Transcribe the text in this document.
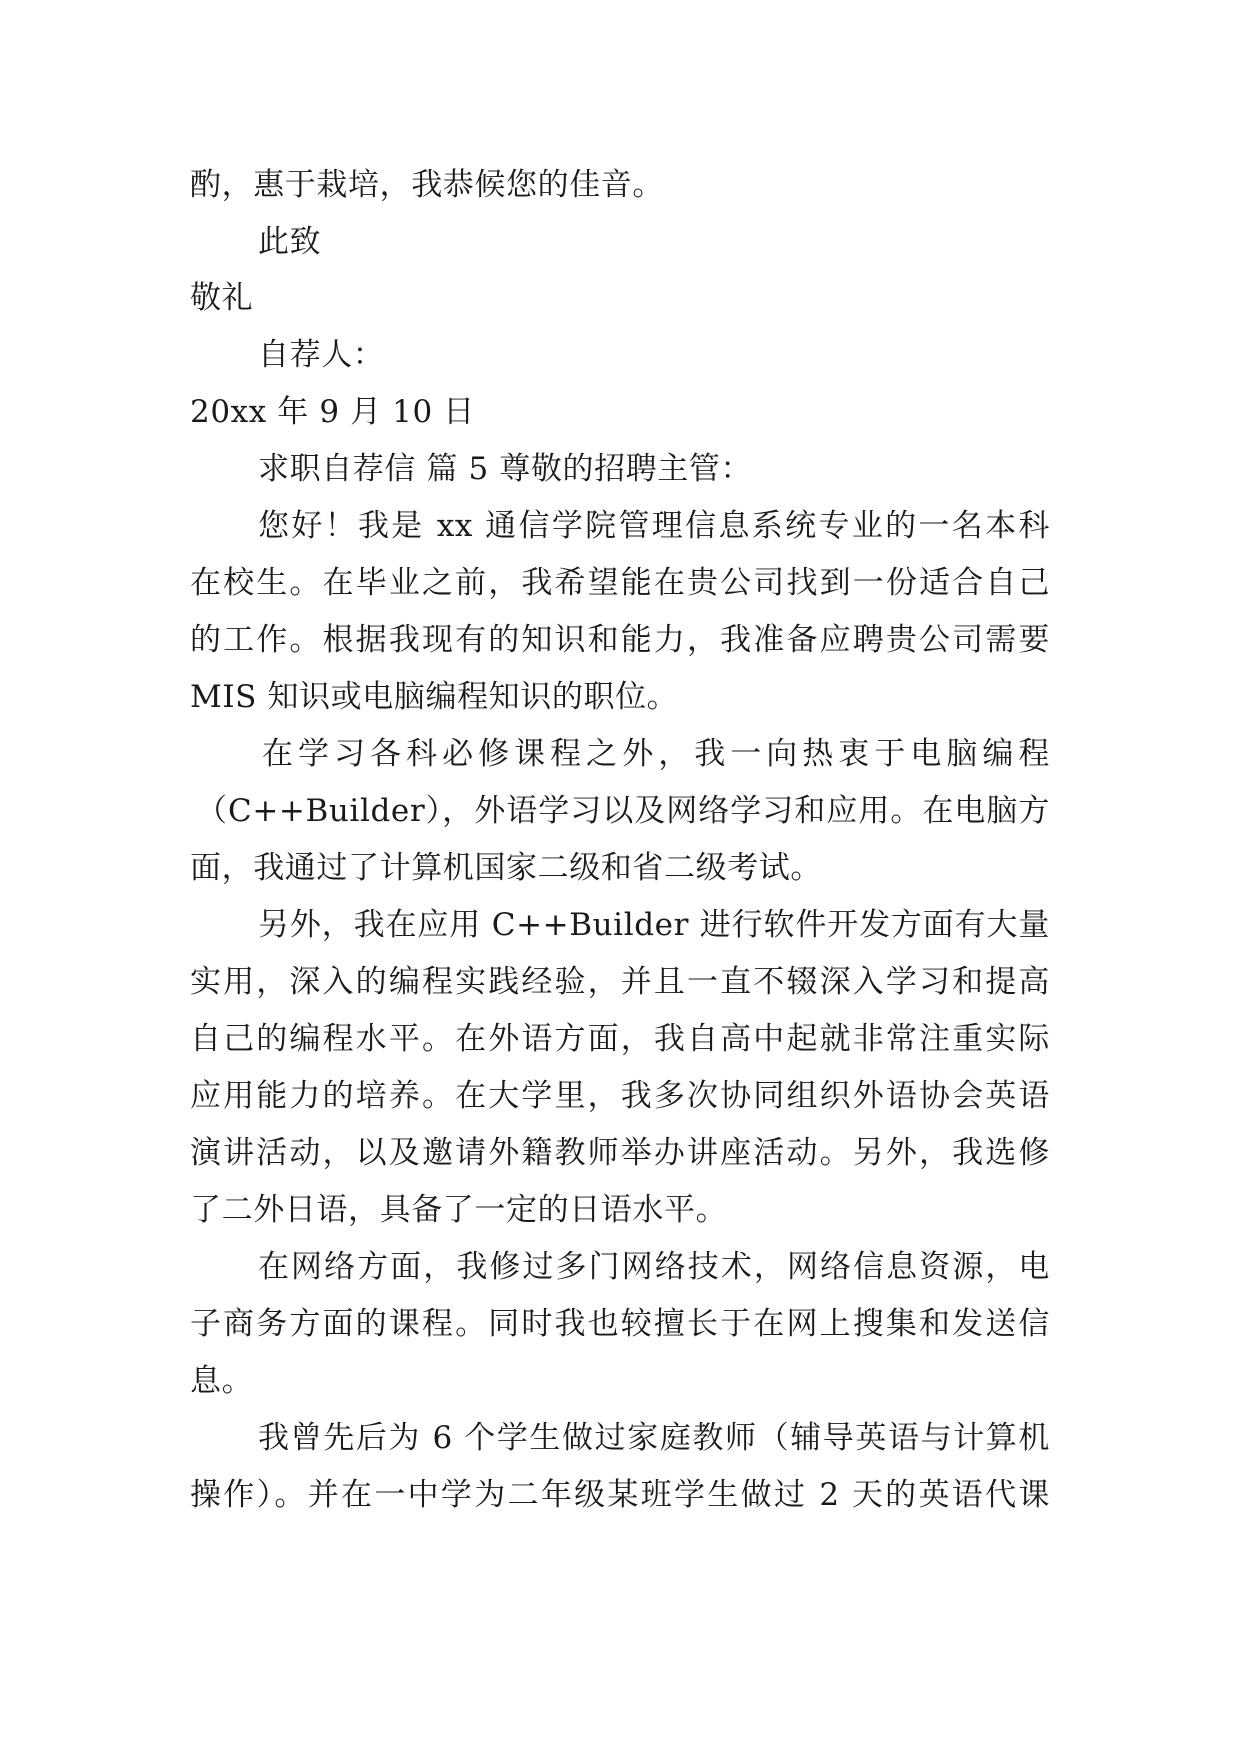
酌，惠于栽培，我恭候您的佳音。
此致
敬礼
自荐人：
20xx 年 9 月 10 日
求职自荐信 篇 5 尊敬的招聘主管：
您好！我是 xx 通信学院管理信息系统专业的一名本科
在校生。在毕业之前，我希望能在贵公司找到一份适合自己
的工作。根据我现有的知识和能力，我准备应聘贵公司需要
MIS 知识或电脑编程知识的职位。
在学习各科必修课程之外，我一向热衷于电脑编程
（C++Builder），外语学习以及网络学习和应用。在电脑方
面，我通过了计算机国家二级和省二级考试。
另外，我在应用 C++Builder 进行软件开发方面有大量
实用，深入的编程实践经验，并且一直不辍深入学习和提高
自己的编程水平。在外语方面，我自高中起就非常注重实际
应用能力的培养。在大学里，我多次协同组织外语协会英语
演讲活动，以及邀请外籍教师举办讲座活动。另外，我选修
了二外日语，具备了一定的日语水平。
在网络方面，我修过多门网络技术，网络信息资源，电
子商务方面的课程。同时我也较擅长于在网上搜集和发送信
息。
我曾先后为 6 个学生做过家庭教师（辅导英语与计算机
操作）。并在一中学为二年级某班学生做过 2 天的英语代课
